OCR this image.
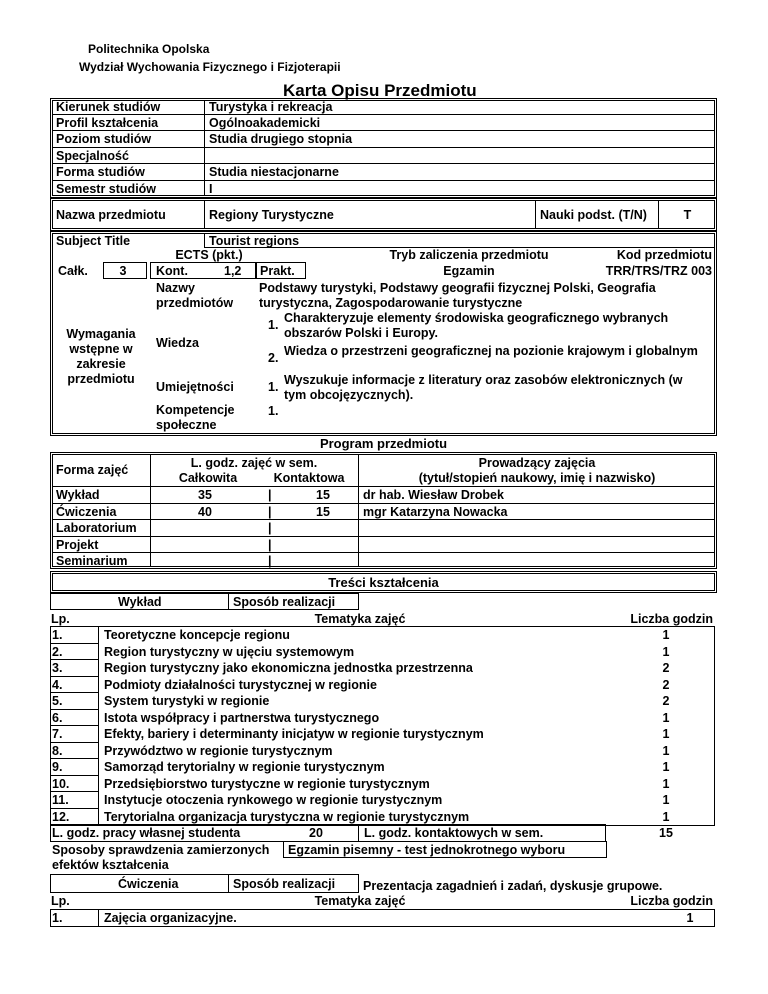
Politechnika Opolska
Wydział Wychowania Fizycznego i Fizjoterapii
Karta Opisu Przedmiotu
Kierunek studiów	Turystyka i rekreacja
Profil kształcenia	Ogólnoakademicki
Poziom studiów	Studia drugiego stopnia
Specjalność
Forma studiów	Studia niestacjonarne
Semestr studiów	I
Nazwa przedmiotu	Regiony Turystyczne	Nauki podst. (T/N)	T
Subject Title	Tourist regions
ECTS (pkt.)
Całk.	3	Kont.	1,2 Prakt.
Tryb zaliczenia przedmiotu
Egzamin
Kod przedmiotu
TRR/TRS/TRZ 003
Nazwy
przedmiotów
Podstawy turystyki, Podstawy geografii fizycznej Polski, Geografia
turystyczna, Zagospodarowanie turystyczne
Wymagania wstępne w zakresie przedmiotu
Wiedza
1. Charakteryzuje elementy środowiska geograficznego wybranych obszarów Polski i Europy.
2. Wiedza o przestrzeni geograficznej na pozionie krajowym i globalnym
Umiejętności	1. Wyszukuje informacje z literatury oraz zasobów elektronicznych (w tym obcojęzycznych).
Kompetencje społeczne
1.
Program przedmiotu
Forma zajęć	L. godz. zajęć w sem.
Całkowita	Kontaktowa
Prowadzący zajęcia
(tytuł/stopień naukowy, imię i nazwisko)
Wykład	35	|	15	dr hab. Wiesław Drobek
Ćwiczenia	40	|	15	mgr Katarzyna Nowacka
Laboratorium	|
Projekt	|
Seminarium	|
Treści kształcenia
Wykład	Sposób realizacji
Lp.	Tematyka zajęć	Liczba godzin
1.	Teoretyczne koncepcje regionu	1
2.	Region turystyczny w ujęciu systemowym	1
3.	Region turystyczny jako ekonomiczna jednostka przestrzenna	2
4.	Podmioty działalności turystycznej w regionie	2
5.	System turystyki w regionie	2
6.	Istota współpracy i partnerstwa turystycznego	1
7.	Efekty, bariery i determinanty inicjatyw w regionie turystycznym	1
8.	Przywództwo w regionie turystycznym	1
9.	Samorząd terytorialny w regionie turystycznym	1
10.	Przedsiębiorstwo turystyczne w regionie turystycznym	1
11.	Instytucje otoczenia rynkowego w regionie turystycznym	1
12.	Terytorialna organizacja turystyczna w regionie turystycznym	1
L. godz. pracy własnej studenta	20	L. godz. kontaktowych w sem.	15
Sposoby sprawdzenia zamierzonych
efektów kształcenia
Egzamin pisemny - test jednokrotnego wyboru
Ćwiczenia	Sposób realizacji Prezentacja zagadnień i zadań, dyskusje grupowe.
Lp.	Tematyka zajęć	Liczba godzin
1.	Zajęcia organizacyjne.	1
